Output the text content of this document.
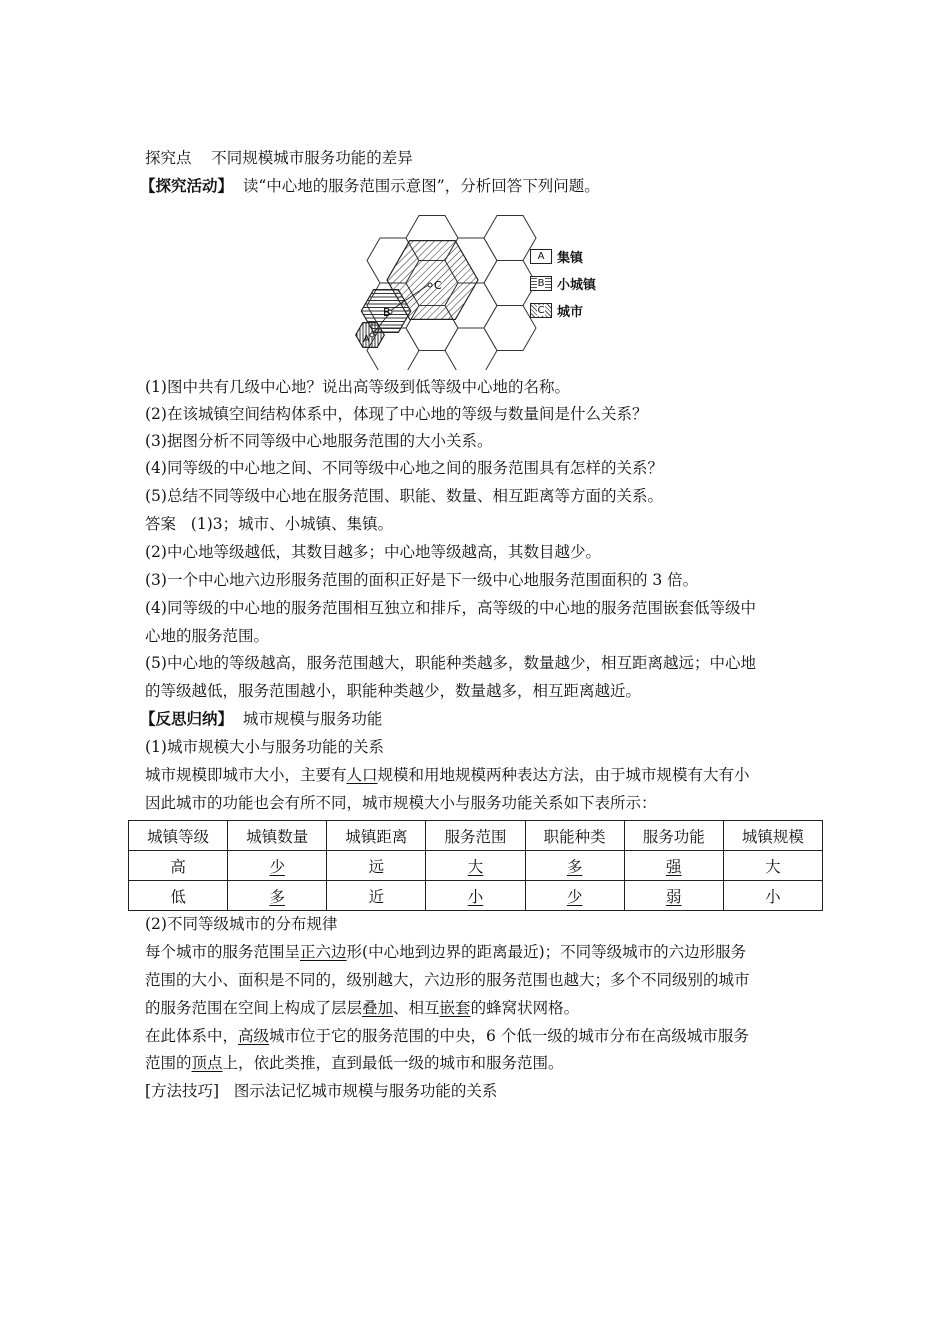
探究点 不同规模城市服务功能的差异
【探究活动】 读“中心地的服务范围示意图”，分析回答下列问题。
C
B
A
A 集镇
B 小城镇
C 城市
(1)图中共有几级中心地？说出高等级到低等级中心地的名称。
(2)在该城镇空间结构体系中，体现了中心地的等级与数量间是什么关系？
(3)据图分析不同等级中心地服务范围的大小关系。
(4)同等级的中心地之间、不同等级中心地之间的服务范围具有怎样的关系？
(5)总结不同等级中心地在服务范围、职能、数量、相互距离等方面的关系。
答案 (1)3；城市、小城镇、集镇。
(2)中心地等级越低，其数目越多；中心地等级越高，其数目越少。
(3)一个中心地六边形服务范围的面积正好是下一级中心地服务范围面积的 3 倍。
(4)同等级的中心地的服务范围相互独立和排斥，高等级的中心地的服务范围嵌套低等级中
心地的服务范围。
(5)中心地的等级越高，服务范围越大，职能种类越多，数量越少，相互距离越远；中心地
的等级越低，服务范围越小，职能种类越少，数量越多，相互距离越近。
【反思归纳】 城市规模与服务功能
(1)城市规模大小与服务功能的关系
城市规模即城市大小，主要有人口规模和用地规模两种表达方法，由于城市规模有大有小
因此城市的功能也会有所不同，城市规模大小与服务功能关系如下表所示：
城镇等级	城镇数量	城镇距离	服务范围	职能种类	服务功能	城镇规模
高	少	远	大	多	强	大
低	多	近	小	少	弱	小
(2)不同等级城市的分布规律
每个城市的服务范围呈正六边形(中心地到边界的距离最近)；不同等级城市的六边形服务
范围的大小、面积是不同的，级别越大，六边形的服务范围也越大；多个不同级别的城市
的服务范围在空间上构成了层层叠加、相互嵌套的蜂窝状网格。
在此体系中，高级城市位于它的服务范围的中央，6 个低一级的城市分布在高级城市服务
范围的顶点上，依此类推，直到最低一级的城市和服务范围。
[方法技巧] 图示法记忆城市规模与服务功能的关系
